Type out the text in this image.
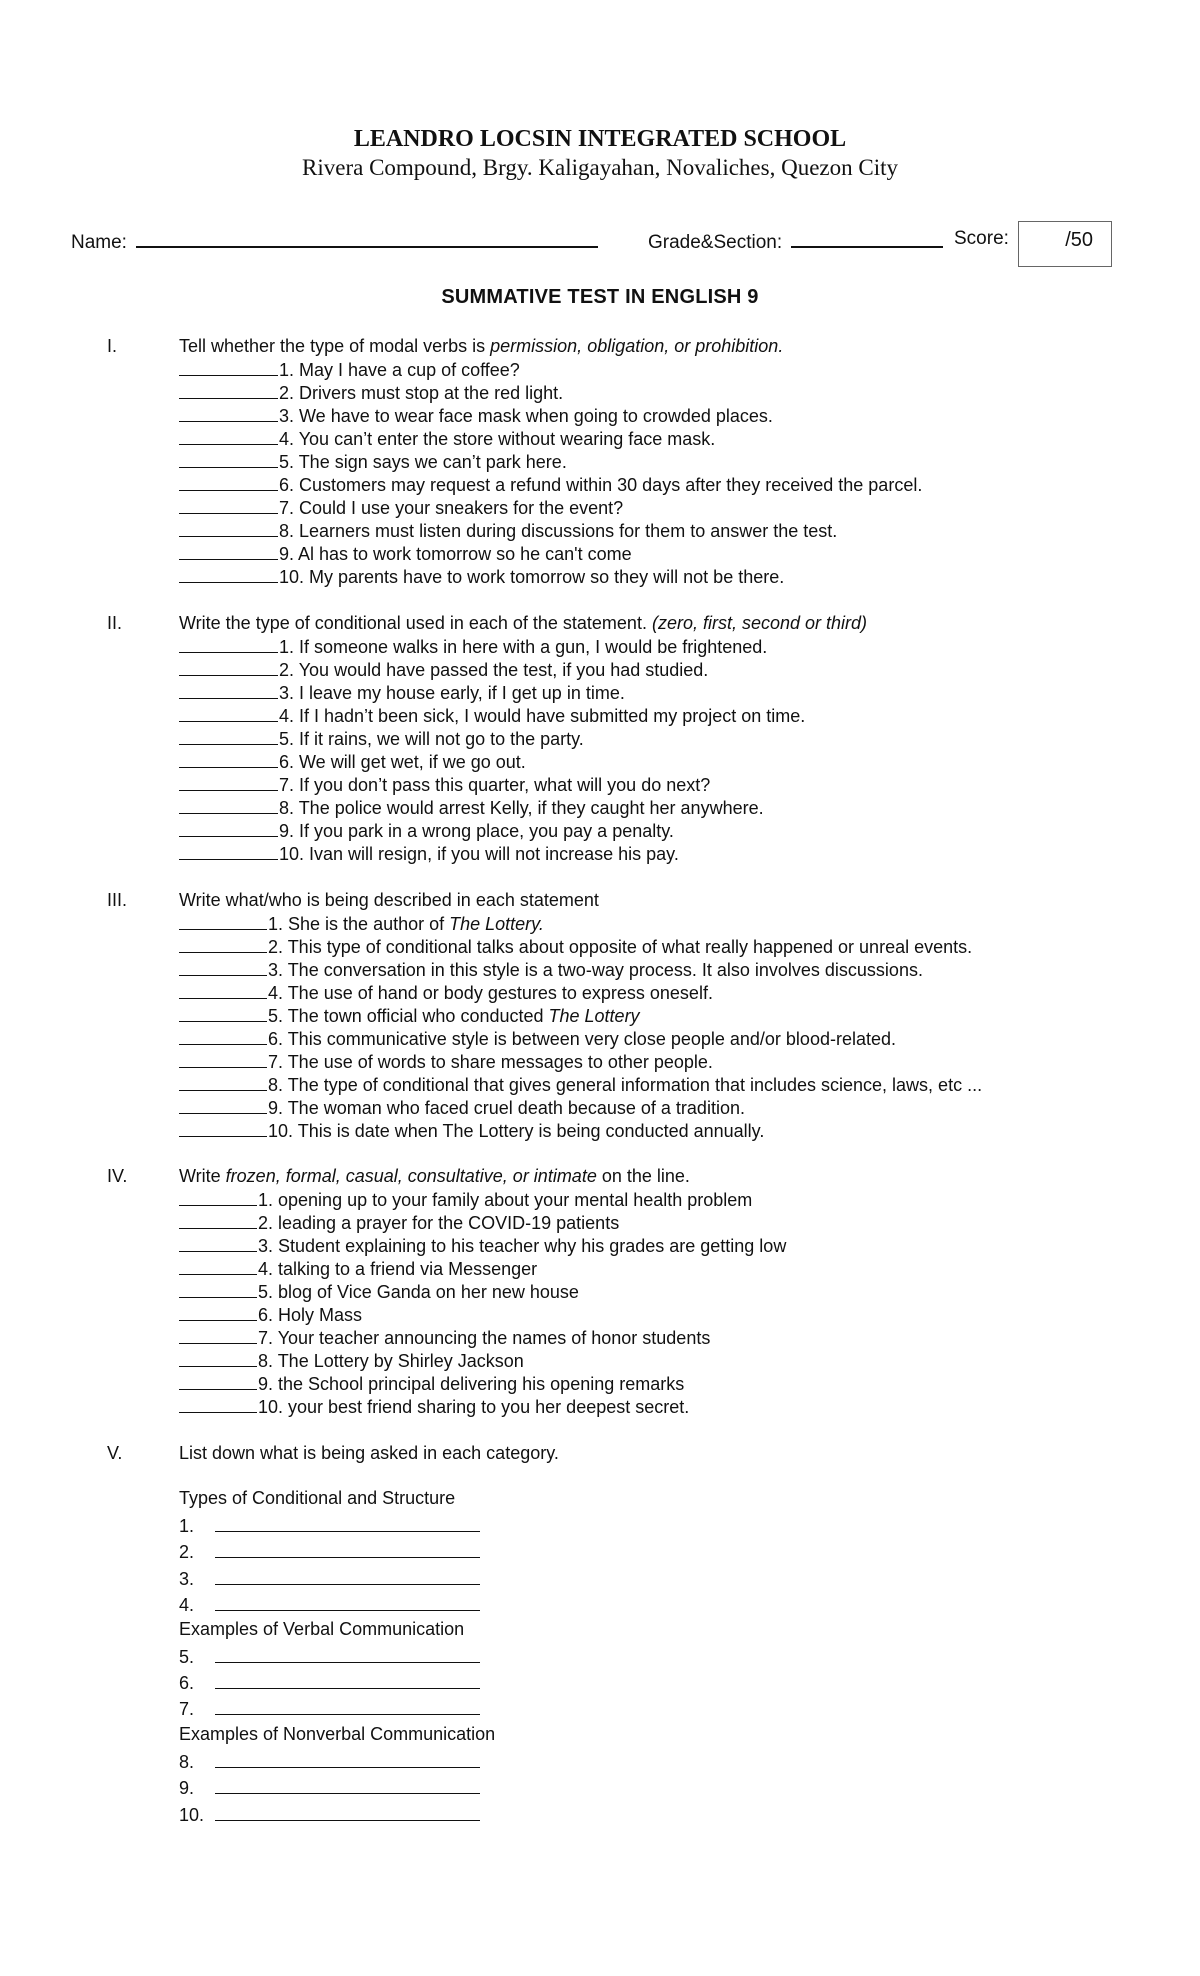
LEANDRO LOCSIN INTEGRATED SCHOOL
Rivera Compound, Brgy. Kaligayahan, Novaliches, Quezon City
Name:	Grade&Section:	Score:	/50
SUMMATIVE TEST IN ENGLISH 9
I.	Tell whether the type of modal verbs is permission, obligation, or prohibition.
1. May I have a cup of coffee?
2. Drivers must stop at the red light.
3. We have to wear face mask when going to crowded places.
4. You can’t enter the store without wearing face mask.
5. The sign says we can’t park here.
6. Customers may request a refund within 30 days after they received the parcel.
7. Could I use your sneakers for the event?
8. Learners must listen during discussions for them to answer the test.
9. Al has to work tomorrow so he can't come
10. My parents have to work tomorrow so they will not be there.
II.	Write the type of conditional used in each of the statement. (zero, first, second or third)
1. If someone walks in here with a gun, I would be frightened.
2. You would have passed the test, if you had studied.
3. I leave my house early, if I get up in time.
4. If I hadn’t been sick, I would have submitted my project on time.
5. If it rains, we will not go to the party.
6. We will get wet, if we go out.
7. If you don’t pass this quarter, what will you do next?
8. The police would arrest Kelly, if they caught her anywhere.
9. If you park in a wrong place, you pay a penalty.
10. Ivan will resign, if you will not increase his pay.
III.	Write what/who is being described in each statement
1. She is the author of The Lottery.
2. This type of conditional talks about opposite of what really happened or unreal events.
3. The conversation in this style is a two-way process. It also involves discussions.
4. The use of hand or body gestures to express oneself.
5. The town official who conducted The Lottery
6. This communicative style is between very close people and/or blood-related.
7. The use of words to share messages to other people.
8. The type of conditional that gives general information that includes science, laws, etc ...
9. The woman who faced cruel death because of a tradition.
10. This is date when The Lottery is being conducted annually.
IV.	Write frozen, formal, casual, consultative, or intimate on the line.
1. opening up to your family about your mental health problem
2. leading a prayer for the COVID-19 patients
3. Student explaining to his teacher why his grades are getting low
4. talking to a friend via Messenger
5. blog of Vice Ganda on her new house
6. Holy Mass
7. Your teacher announcing the names of honor students
8. The Lottery by Shirley Jackson
9. the School principal delivering his opening remarks
10. your best friend sharing to you her deepest secret.
V.	List down what is being asked in each category.
Types of Conditional and Structure
1.
2.
3.
4.
Examples of Verbal Communication
5.
6.
7.
Examples of Nonverbal Communication
8.
9.
10.
